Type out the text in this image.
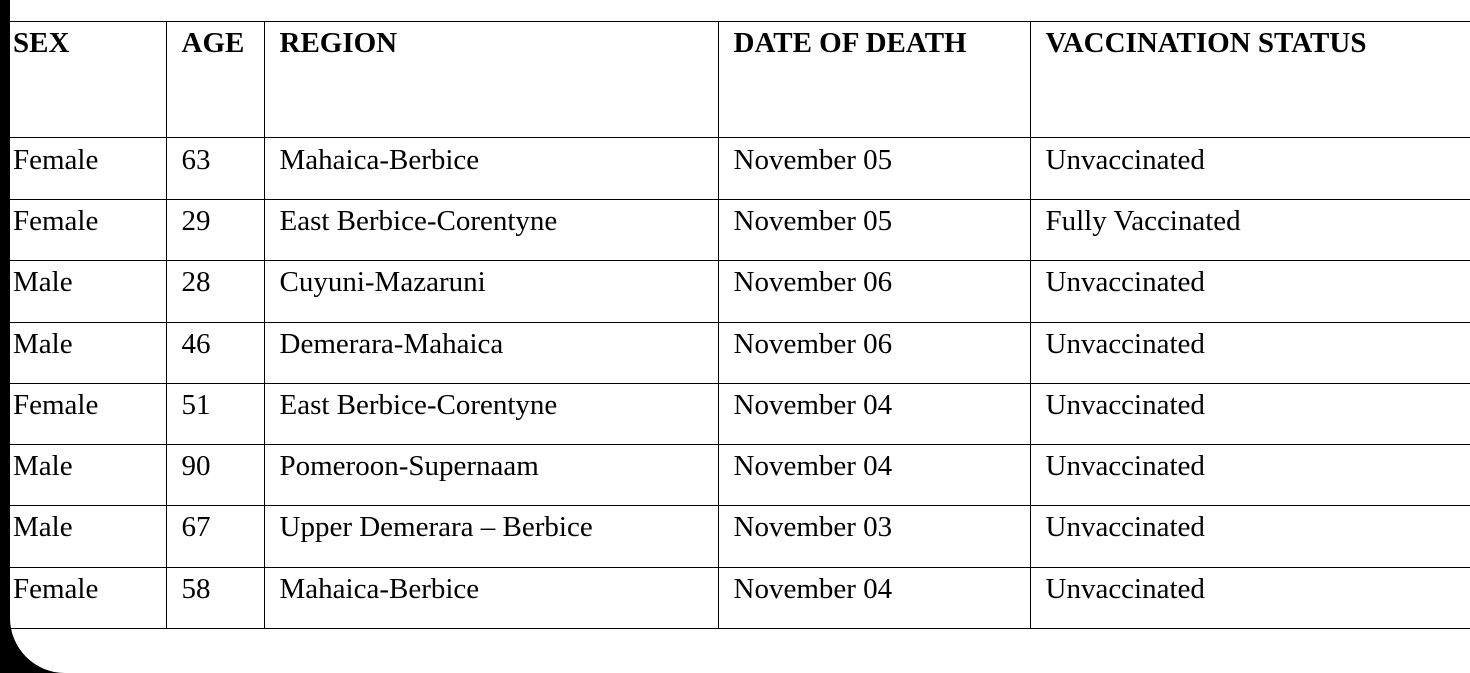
SEX	AGE	REGION	DATE OF DEATH	VACCINATION STATUS
Female	63	Mahaica-Berbice	November 05	Unvaccinated
Female	29	East Berbice-Corentyne	November 05	Fully Vaccinated
Male	28	Cuyuni-Mazaruni	November 06	Unvaccinated
Male	46	Demerara-Mahaica	November 06	Unvaccinated
Female	51	East Berbice-Corentyne	November 04	Unvaccinated
Male	90	Pomeroon-Supernaam	November 04	Unvaccinated
Male	67	Upper Demerara – Berbice	November 03	Unvaccinated
Female	58	Mahaica-Berbice	November 04	Unvaccinated
